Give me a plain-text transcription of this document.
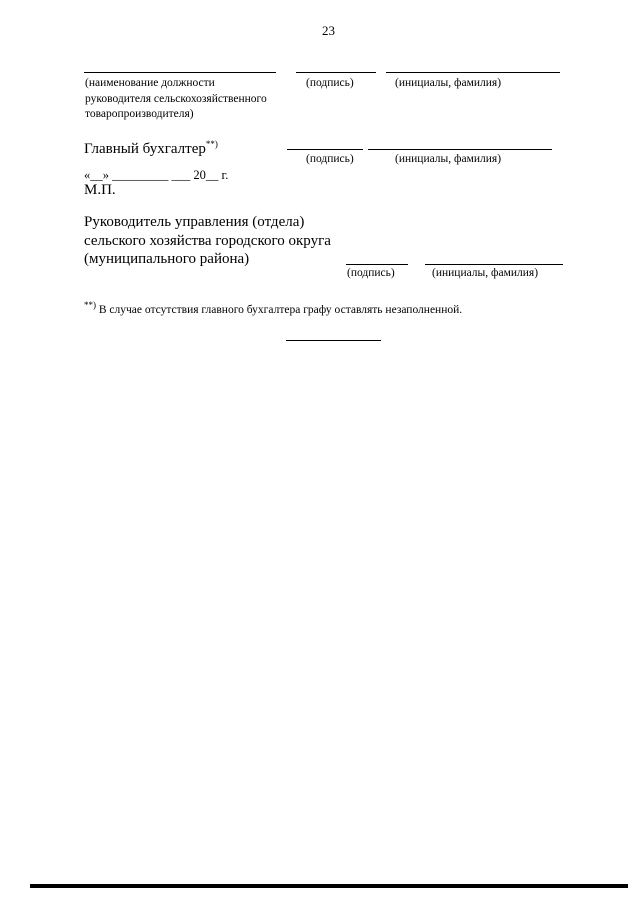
23
(наименование должности
руководителя сельскохозяйственного
товаропроизводителя)
(подпись)	(инициалы, фамилия)
Главный бухгалтер**)
(подпись)	(инициалы, фамилия)
«__» _________ ___ 20__ г.
М.П.
Руководитель управления (отдела)
сельского хозяйства городского округа
(муниципального района)
(подпись)	(инициалы, фамилия)
**) В случае отсутствия главного бухгалтера графу оставлять незаполненной.
